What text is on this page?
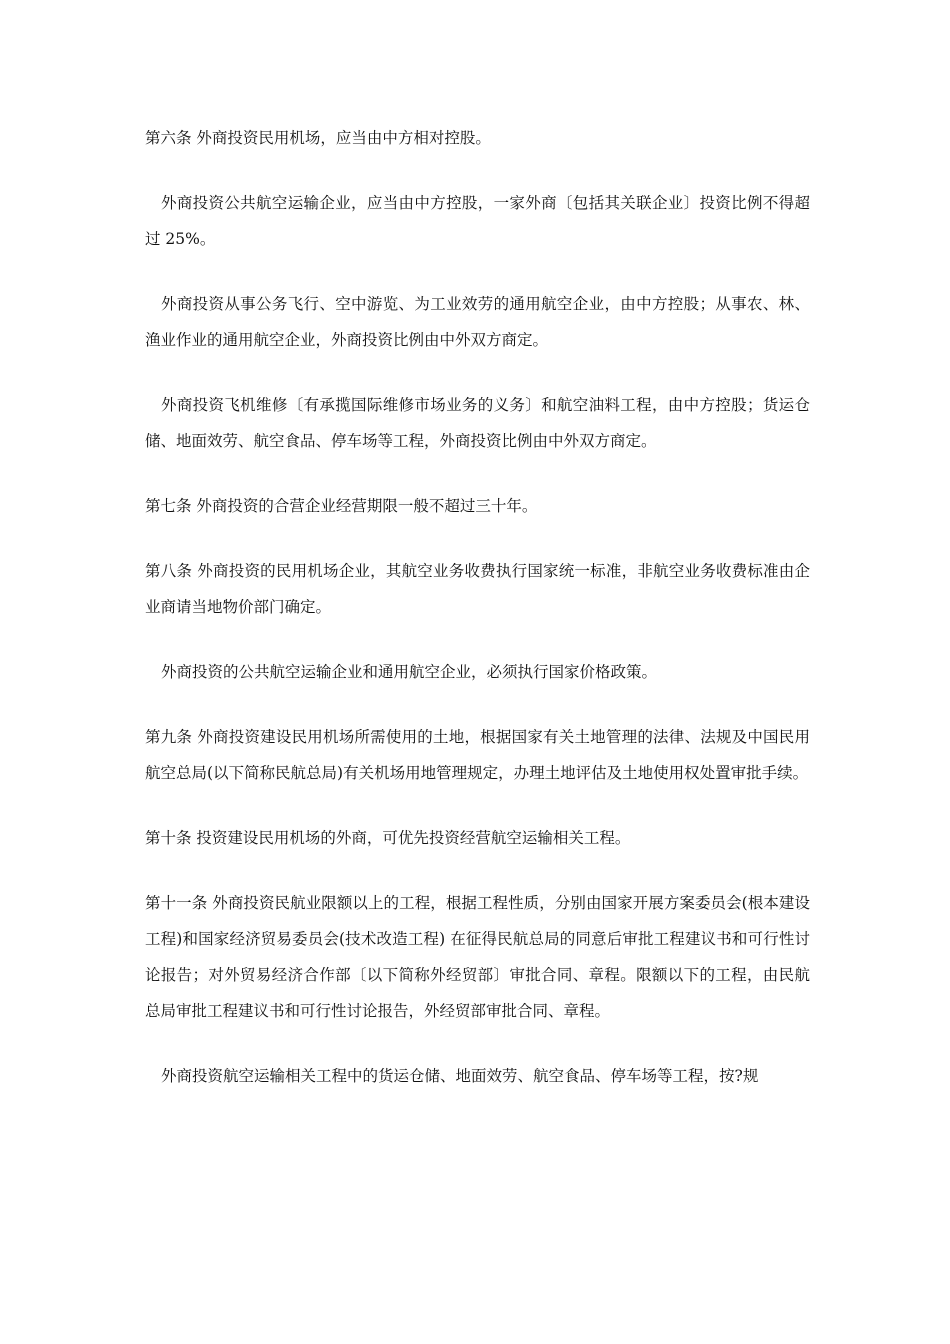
第六条 外商投资民用机场，应当由中方相对控股。

外商投资公共航空运输企业，应当由中方控股，一家外商〔包括其关联企业〕投资比例不得超过 25%。

外商投资从事公务飞行、空中游览、为工业效劳的通用航空企业，由中方控股；从事农、林、渔业作业的通用航空企业，外商投资比例由中外双方商定。

外商投资飞机维修〔有承揽国际维修市场业务的义务〕和航空油料工程，由中方控股；货运仓储、地面效劳、航空食品、停车场等工程，外商投资比例由中外双方商定。

第七条 外商投资的合营企业经营期限一般不超过三十年。

第八条 外商投资的民用机场企业，其航空业务收费执行国家统一标准，非航空业务收费标准由企业商请当地物价部门确定。

外商投资的公共航空运输企业和通用航空企业，必须执行国家价格政策。

第九条 外商投资建设民用机场所需使用的土地，根据国家有关土地管理的法律、法规及中国民用航空总局(以下简称民航总局)有关机场用地管理规定，办理土地评估及土地使用权处置审批手续。

第十条 投资建设民用机场的外商，可优先投资经营航空运输相关工程。

第十一条 外商投资民航业限额以上的工程，根据工程性质，分别由国家开展方案委员会(根本建设工程)和国家经济贸易委员会(技术改造工程) 在征得民航总局的同意后审批工程建议书和可行性讨论报告；对外贸易经济合作部〔以下简称外经贸部〕审批合同、章程。限额以下的工程，由民航总局审批工程建议书和可行性讨论报告，外经贸部审批合同、章程。

外商投资航空运输相关工程中的货运仓储、地面效劳、航空食品、停车场等工程，按?规
